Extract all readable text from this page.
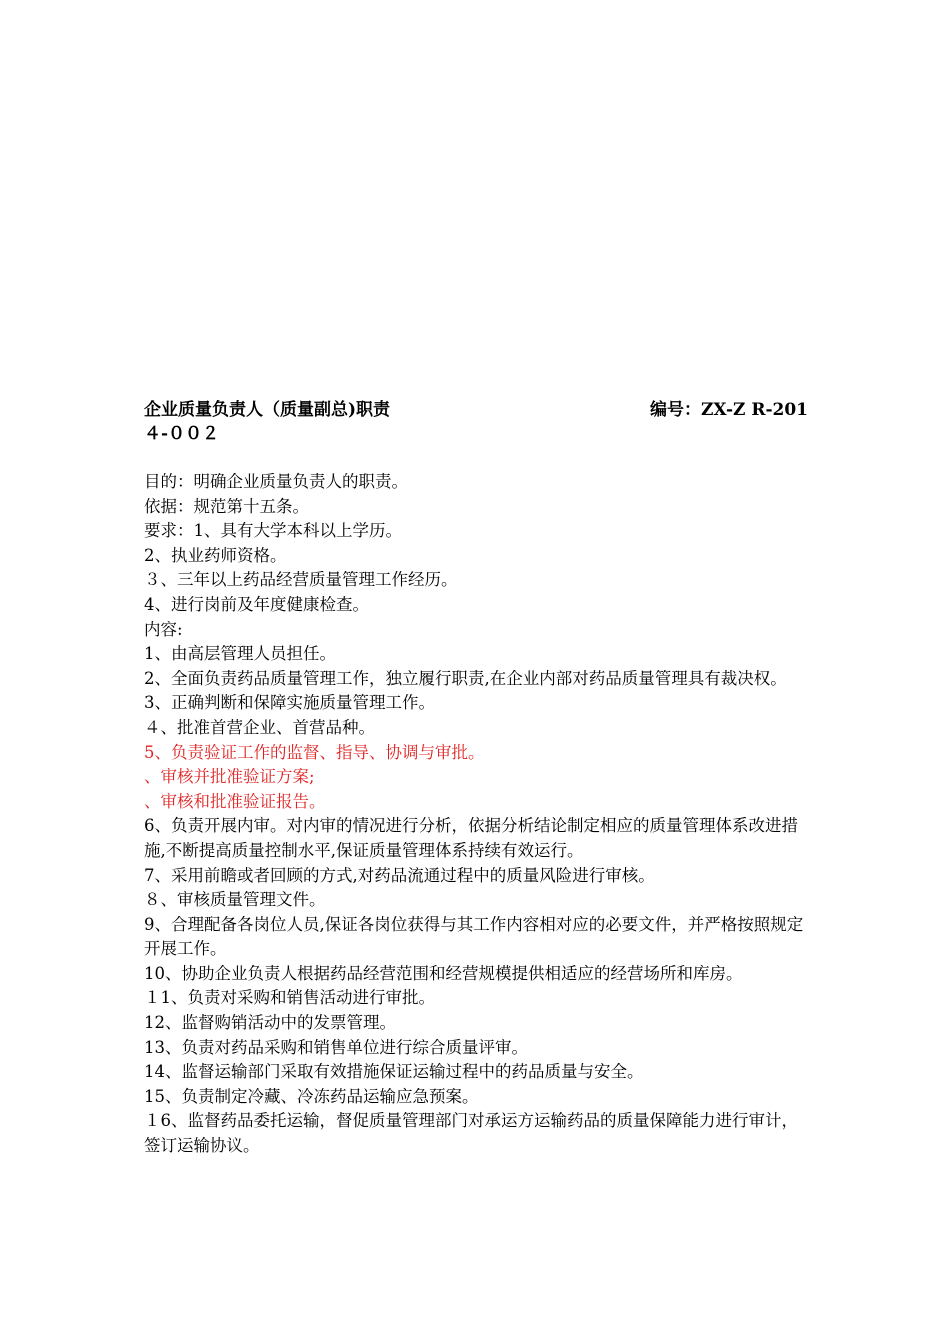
企业质量负责人（质量副总)职责	编号：ZX-Z R-201
４-００２
目的：明确企业质量负责人的职责。
依据：规范第十五条。
要求：1、具有大学本科以上学历。
2、执业药师资格。
３、三年以上药品经营质量管理工作经历。
4、进行岗前及年度健康检查。
内容:
1、由高层管理人员担任。
2、全面负责药品质量管理工作，独立履行职责,在企业内部对药品质量管理具有裁决权。
3、正确判断和保障实施质量管理工作。
４、批准首营企业、首营品种。
5、负责验证工作的监督、指导、协调与审批。
、审核并批准验证方案;
、审核和批准验证报告。
6、负责开展内审。对内审的情况进行分析，依据分析结论制定相应的质量管理体系改进措施,不断提高质量控制水平,保证质量管理体系持续有效运行。
7、采用前瞻或者回顾的方式,对药品流通过程中的质量风险进行审核。
８、审核质量管理文件。
9、合理配备各岗位人员,保证各岗位获得与其工作内容相对应的必要文件，并严格按照规定开展工作。
10、协助企业负责人根据药品经营范围和经营规模提供相适应的经营场所和库房。
１1、负责对采购和销售活动进行审批。
12、监督购销活动中的发票管理。
13、负责对药品采购和销售单位进行综合质量评审。
14、监督运输部门采取有效措施保证运输过程中的药品质量与安全。
15、负责制定冷藏、冷冻药品运输应急预案。
１6、监督药品委托运输，督促质量管理部门对承运方运输药品的质量保障能力进行审计，签订运输协议。
